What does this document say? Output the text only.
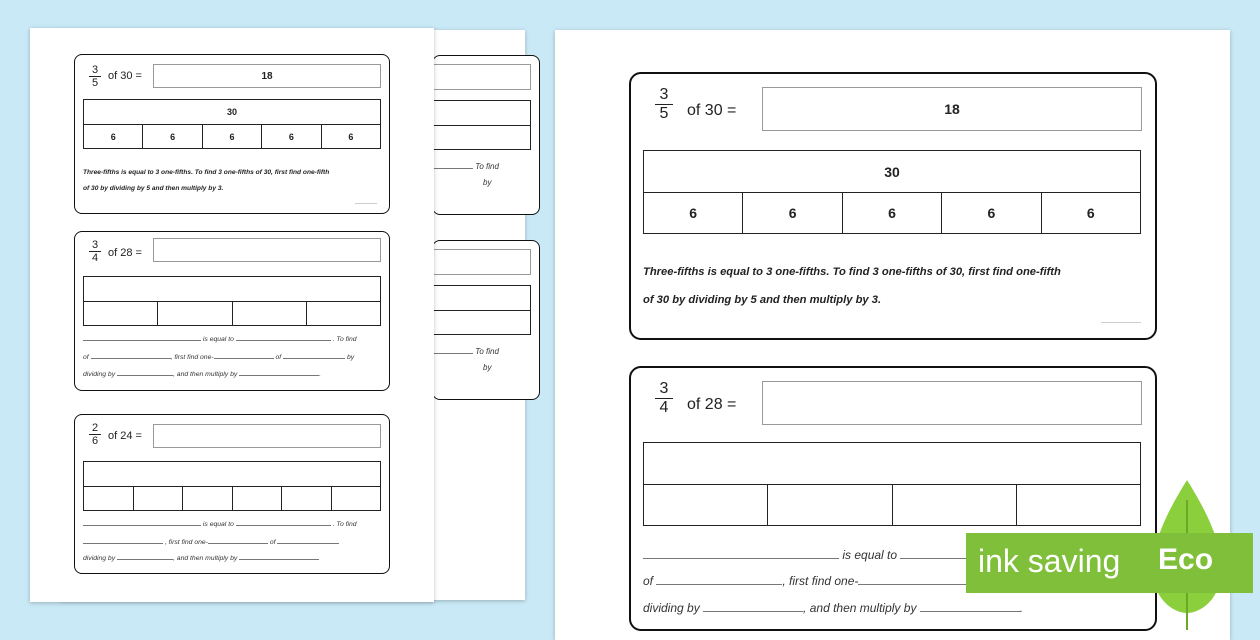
To find
by
To find
by
3
5
of 30 =	18
30
6	6	6	6	6
Three-fifths is equal to 3 one-fifths. To find 3 one-fifths of 30, first find one-fifth
of 30 by dividing by 5 and then multiply by 3.
3
4 of 28 =
is equal to	. To find
of	, first find one-	of	by
dividing by	, and then multiply by	.
2
6 of 24 =
is equal to	. To find
, first find one-	of
dividing by	, and then multiply by
3
5 of 30 =	18
30
6	6	6	6	6
Three-fifths is equal to 3 one-fifths. To find 3 one-fifths of 30, first find one-fifth
of 30 by dividing by 5 and then multiply by 3.
3
4 of 28 =
is equal to
of	, first find one-
dividing by	, and then multiply by	.
ink saving Eco
